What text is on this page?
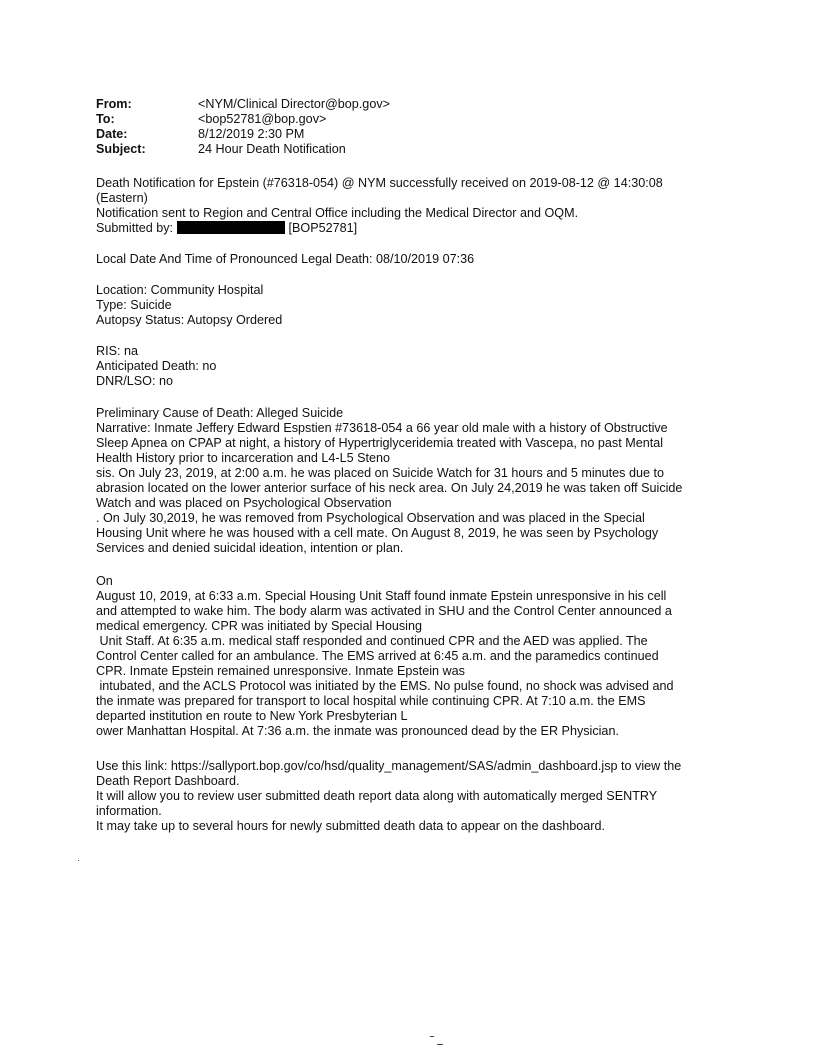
From:	<NYM/Clinical Director@bop.gov>
To:	<bop52781@bop.gov>
Date:	8/12/2019 2:30 PM
Subject:	24 Hour Death Notification
Death Notification for Epstein (#76318-054) @ NYM successfully received on 2019-08-12 @ 14:30:08
(Eastern)
Notification sent to Region and Central Office including the Medical Director and OQM.
Submitted by:	[BOP52781]
Local Date And Time of Pronounced Legal Death: 08/10/2019 07:36
Location: Community Hospital
Type: Suicide
Autopsy Status: Autopsy Ordered
RIS: na
Anticipated Death: no
DNR/LSO: no
Preliminary Cause of Death: Alleged Suicide
Narrative: Inmate Jeffery Edward Espstien #73618-054 a 66 year old male with a history of Obstructive
Sleep Apnea on CPAP at night, a history of Hypertriglyceridemia treated with Vascepa, no past Mental
Health History prior to incarceration and L4-L5 Steno
sis. On July 23, 2019, at 2:00 a.m. he was placed on Suicide Watch for 31 hours and 5 minutes due to
abrasion located on the lower anterior surface of his neck area. On July 24,2019 he was taken off Suicide
Watch and was placed on Psychological Observation
. On July 30,2019, he was removed from Psychological Observation and was placed in the Special
Housing Unit where he was housed with a cell mate. On August 8, 2019, he was seen by Psychology
Services and denied suicidal ideation, intention or plan.
On
August 10, 2019, at 6:33 a.m. Special Housing Unit Staff found inmate Epstein unresponsive in his cell
and attempted to wake him. The body alarm was activated in SHU and the Control Center announced a
medical emergency. CPR was initiated by Special Housing
Unit Staff. At 6:35 a.m. medical staff responded and continued CPR and the AED was applied. The
Control Center called for an ambulance. The EMS arrived at 6:45 a.m. and the paramedics continued
CPR. Inmate Epstein remained unresponsive. Inmate Epstein was
intubated, and the ACLS Protocol was initiated by the EMS. No pulse found, no shock was advised and
the inmate was prepared for transport to local hospital while continuing CPR. At 7:10 a.m. the EMS
departed institution en route to New York Presbyterian L
ower Manhattan Hospital. At 7:36 a.m. the inmate was pronounced dead by the ER Physician.
Use this link: https://sallyport.bop.gov/co/hsd/quality_management/SAS/admin_dashboard.jsp to view the
Death Report Dashboard.
It will allow you to review user submitted death report data along with automatically merged SENTRY
information.
It may take up to several hours for newly submitted death data to appear on the dashboard.
